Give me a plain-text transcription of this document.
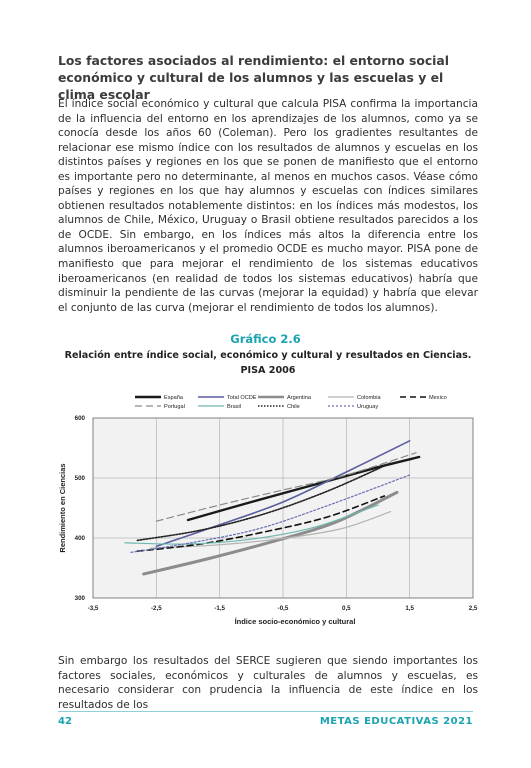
Los factores asociados al rendimiento: el entorno social económico y cultural de los alumnos y las escuelas y el clima escolar
El índice social económico y cultural que calcula PISA confirma la importancia de la influencia del entorno en los aprendizajes de los alumnos, como ya se conocía desde los años 60 (Coleman). Pero los gradientes resultantes de relacionar ese mismo índice con los resultados de alumnos y escuelas en los distintos países y regiones en los que se ponen de manifiesto que el entorno es importante pero no determinante, al menos en muchos casos. Véase cómo países y regiones en los que hay alumnos y escuelas con índices similares obtienen resultados notablemente distintos: en los índices más modestos, los alumnos de Chile, México, Uruguay o Brasil obtiene resultados parecidos a los de OCDE. Sin embargo, en los índices más altos la diferencia entre los alumnos iberoamericanos y el promedio OCDE es mucho mayor. PISA pone de manifiesto que para mejorar el rendimiento de los sistemas educativos iberoamericanos (en realidad de todos los sistemas educativos) habría que disminuir la pendiente de las curvas (mejorar la equidad) y habría que elevar el conjunto de las curva (mejorar el rendimiento de todos los alumnos).
Gráfico 2.6
Relación entre índice social, económico y cultural y resultados en Ciencias. PISA 2006
España	Total OCDE	Argentina	Colombia	Mexico
Portugal	Brasil	Chile	Uruguay
-3,5	-2,5	-1,5	-0,5	0,5	1,5	2,5
300
400
500
600
Índice socio-económico y cultural
Rendimiento en Ciencias
Sin embargo los resultados del SERCE sugieren que siendo importantes los factores sociales, económicos y culturales de alumnos y escuelas, es necesario considerar con prudencia la influencia de este índice en los resultados de los
42	METAS EDUCATIVAS 2021
